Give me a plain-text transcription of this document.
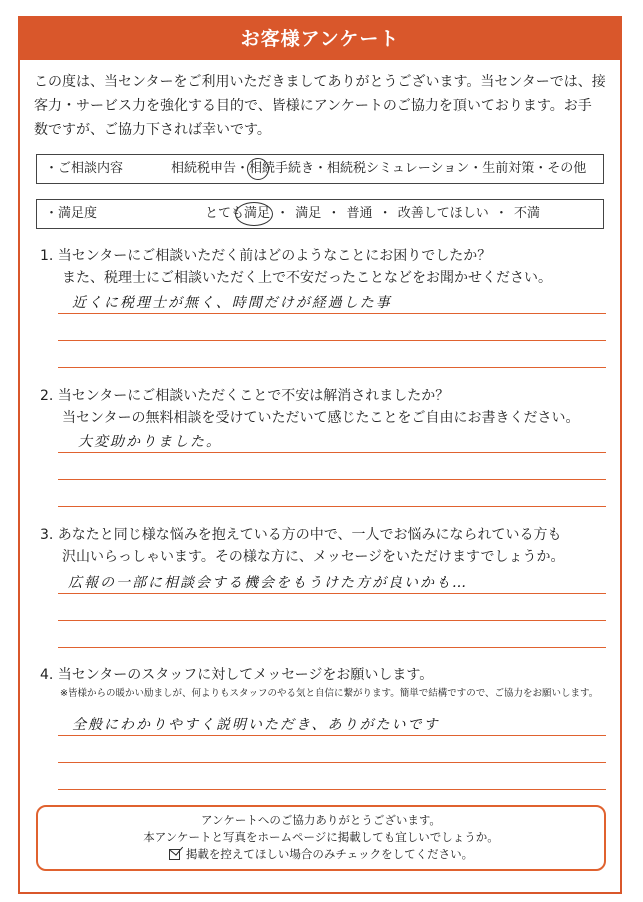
お客様アンケート
この度は、当センターをご利用いただきましてありがとうございます。当センターでは、接
客力・サービス力を強化する目的で、皆様にアンケートのご協力を頂いております。お手
数ですが、ご協力下されば幸いです。
・ご相談内容	相続税申告・相続手続き・相続税シミュレーション・生前対策・その他
・満足度	とても満足 ・ 満足 ・ 普通 ・ 改善してほしい ・ 不満
1. 当センターにご相談いただく前はどのようなことにお困りでしたか？
また、税理士にご相談いただく上で不安だったことなどをお聞かせください。
近くに税理士が無く、時間だけが経過した事
2. 当センターにご相談いただくことで不安は解消されましたか？
当センターの無料相談を受けていただいて感じたことをご自由にお書きください。
大変助かりました。
3. あなたと同じ様な悩みを抱えている方の中で、一人でお悩みになられている方も
沢山いらっしゃいます。その様な方に、メッセージをいただけますでしょうか。
広報の一部に相談会する機会をもうけた方が良いかも…
4. 当センターのスタッフに対してメッセージをお願いします。
※皆様からの暖かい励ましが、何よりもスタッフのやる気と自信に繋がります。簡単で結構ですので、ご協力をお願いします。
全般にわかりやすく説明いただき、ありがたいです
アンケートへのご協力ありがとうございます。
本アンケートと写真をホームページに掲載しても宜しいでしょうか。
掲載を控えてほしい場合のみチェックをしてください。
